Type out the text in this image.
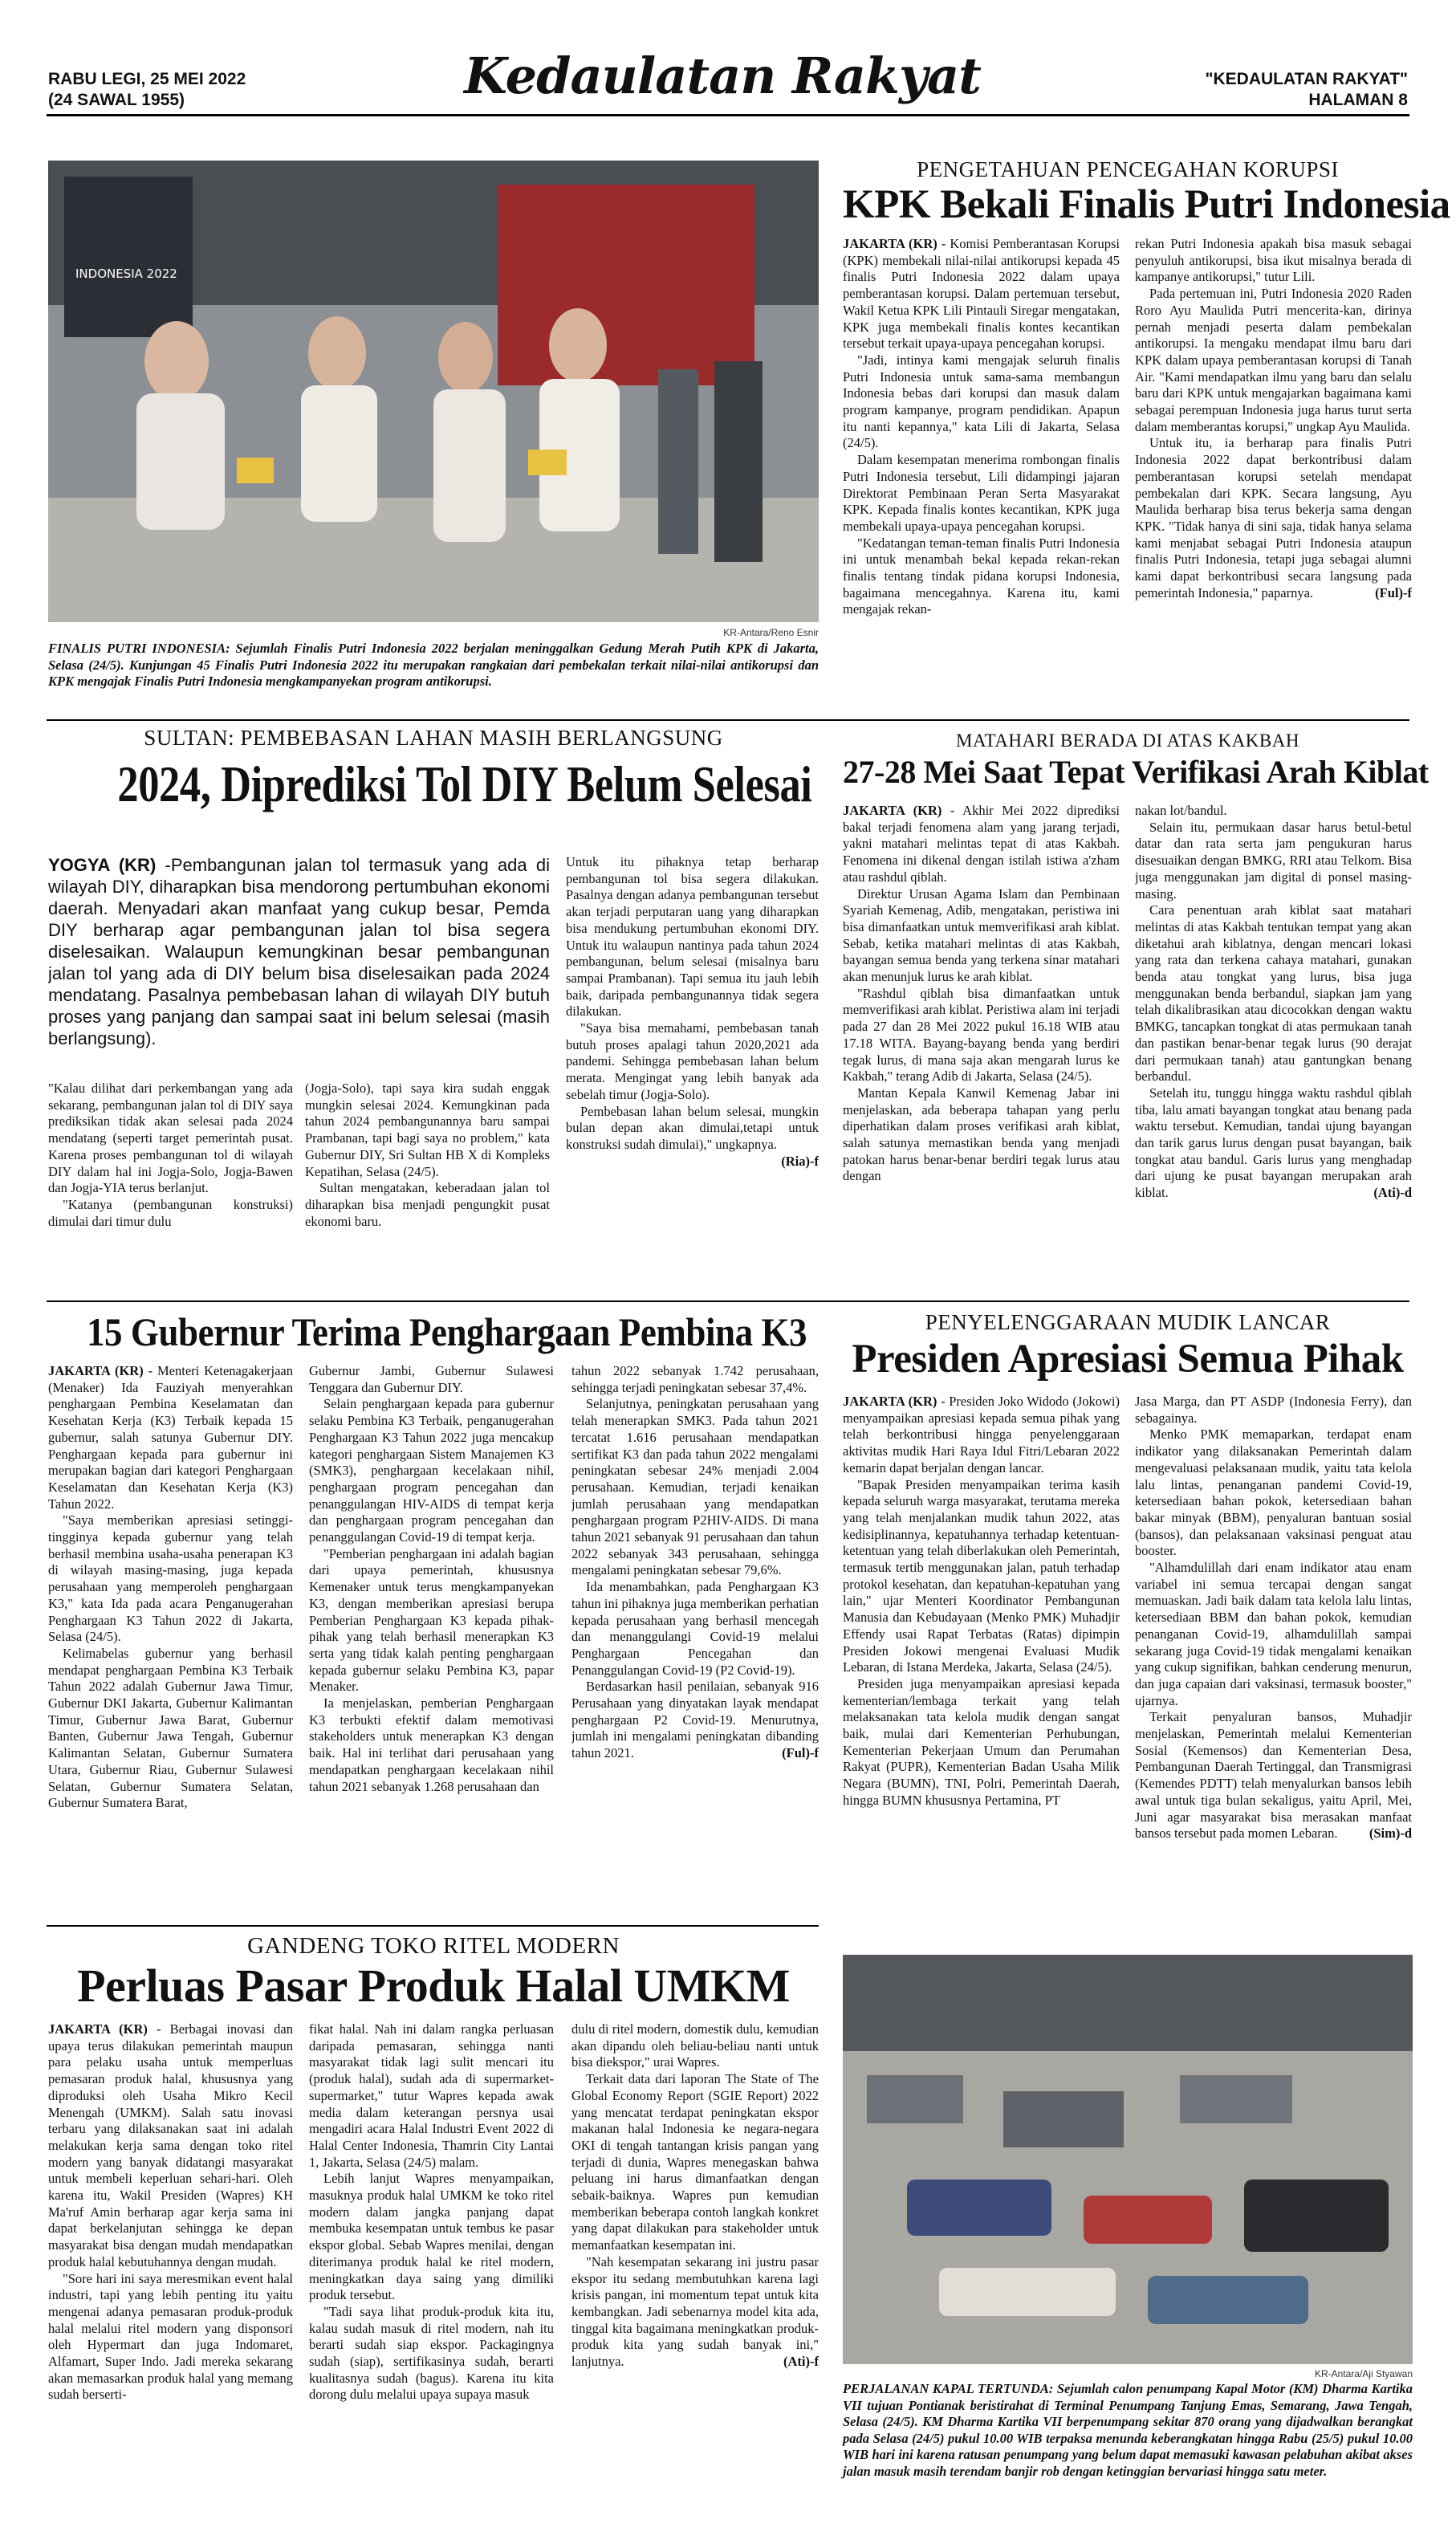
RABU LEGI, 25 MEI 2022
(24 SAWAL 1955)	Kedaulatan Rakyat	"KEDAULATAN RAKYAT"
HALAMAN 8
INDONESIA 2022
KR-Antara/Reno Esnir
FINALIS PUTRI INDONESIA: Sejumlah Finalis Putri Indonesia 2022 berjalan meninggalkan Gedung Merah Putih KPK di Jakarta, Selasa (24/5). Kunjungan 45 Finalis Putri Indonesia 2022 itu merupakan rangkaian dari pembekalan terkait nilai-nilai antikorupsi dan KPK mengajak Finalis Putri Indonesia mengkampanyekan program antikorupsi.
PENGETAHUAN PENCEGAHAN KORUPSI
KPK Bekali Finalis Putri Indonesia

JAKARTA (KR) - Komisi Pemberantasan Korupsi (KPK) membekali nilai-nilai antikorupsi kepada 45 finalis Putri Indonesia 2022 dalam upaya pemberantasan korupsi. Dalam pertemuan tersebut, Wakil Ketua KPK Lili Pintauli Siregar mengatakan, KPK juga membekali finalis kontes kecantikan tersebut terkait upaya-upaya pencegahan korupsi.

"Jadi, intinya kami mengajak seluruh finalis Putri Indonesia untuk sama-sama membangun Indonesia bebas dari korupsi dan masuk dalam program kampanye, program pendidikan. Apapun itu nanti kepannya," kata Lili di Jakarta, Selasa (24/5).

Dalam kesempatan menerima rombongan finalis Putri Indonesia tersebut, Lili didampingi jajaran Direktorat Pembinaan Peran Serta Masyarakat KPK. Kepada finalis kontes kecantikan, KPK juga membekali upaya-upaya pencegahan korupsi.

"Kedatangan teman-teman finalis Putri Indonesia ini untuk menambah bekal kepada rekan-rekan finalis tentang tindak pidana korupsi Indonesia, bagaimana mencegahnya. Karena itu, kami mengajak rekan-

rekan Putri Indonesia apakah bisa masuk sebagai penyuluh antikorupsi, bisa ikut misalnya berada di kampanye antikorupsi," tutur Lili.

Pada pertemuan ini, Putri Indonesia 2020 Raden Roro Ayu Maulida Putri mencerita-kan, dirinya pernah menjadi peserta dalam pembekalan antikorupsi. Ia mengaku mendapat ilmu baru dari KPK dalam upaya pemberantasan korupsi di Tanah Air. "Kami mendapatkan ilmu yang baru dan selalu baru dari KPK untuk mengajarkan bagaimana kami sebagai perempuan Indonesia juga harus turut serta dalam memberantas korupsi," ungkap Ayu Maulida.

Untuk itu, ia berharap para finalis Putri Indonesia 2022 dapat berkontribusi dalam pemberantasan korupsi setelah mendapat pembekalan dari KPK. Secara langsung, Ayu Maulida berharap bisa terus bekerja sama dengan KPK. "Tidak hanya di sini saja, tidak hanya selama kami menjabat sebagai Putri Indonesia ataupun finalis Putri Indonesia, tetapi juga sebagai alumni kami dapat berkontribusi secara langsung pada pemerintah Indonesia," paparnya.	(Ful)-f

SULTAN: PEMBEBASAN LAHAN MASIH BERLANGSUNG
2024, Diprediksi Tol DIY Belum Selesai
YOGYA (KR) -Pembangunan jalan tol termasuk yang ada di wilayah DIY, diharapkan bisa mendorong pertumbuhan ekonomi daerah. Menyadari akan manfaat yang cukup besar, Pemda DIY berharap agar pembangunan jalan tol bisa segera diselesaikan. Walaupun kemungkinan besar pembangunan jalan tol yang ada di DIY belum bisa diselesaikan pada 2024 mendatang. Pasalnya pembebasan lahan di wilayah DIY butuh proses yang panjang dan sampai saat ini belum selesai (masih berlangsung).

"Kalau dilihat dari perkembangan yang ada sekarang, pembangunan jalan tol di DIY saya prediksikan tidak akan selesai pada 2024 mendatang (seperti target pemerintah pusat. Karena proses pembangunan tol di wilayah DIY dalam hal ini Jogja-Solo, Jogja-Bawen dan Jogja-YIA terus berlanjut.

"Katanya (pembangunan konstruksi) dimulai dari timur dulu

(Jogja-Solo), tapi saya kira sudah enggak mungkin selesai 2024. Kemungkinan pada tahun 2024 pembangunannya baru sampai Prambanan, tapi bagi saya no problem," kata Gubernur DIY, Sri Sultan HB X di Kompleks Kepatihan, Selasa (24/5).

Sultan mengatakan, keberadaan jalan tol diharapkan bisa menjadi pengungkit pusat ekonomi baru.

Untuk itu pihaknya tetap berharap pembangunan tol bisa segera dilakukan. Pasalnya dengan adanya pembangunan tersebut akan terjadi perputaran uang yang diharapkan bisa mendukung pertumbuhan ekonomi DIY. Untuk itu walaupun nantinya pada tahun 2024 pembangunan, belum selesai (misalnya baru sampai Prambanan). Tapi semua itu jauh lebih baik, daripada pembangunannya tidak segera dilakukan.

"Saya bisa memahami, pembebasan tanah butuh proses apalagi tahun 2020,2021 ada pandemi. Sehingga pembebasan lahan belum merata. Mengingat yang lebih banyak ada sebelah timur (Jogja-Solo).

Pembebasan lahan belum selesai, mungkin bulan depan akan dimulai,tetapi untuk konstruksi sudah dimulai)," ungkapnya.
(Ria)-f

MATAHARI BERADA DI ATAS KAKBAH
27-28 Mei Saat Tepat Verifikasi Arah Kiblat

JAKARTA (KR) - Akhir Mei 2022 diprediksi bakal terjadi fenomena alam yang jarang terjadi, yakni matahari melintas tepat di atas Kakbah. Fenomena ini dikenal dengan istilah istiwa a'zham atau rashdul qiblah.

Direktur Urusan Agama Islam dan Pembinaan Syariah Kemenag, Adib, mengatakan, peristiwa ini bisa dimanfaatkan untuk memverifikasi arah kiblat. Sebab, ketika matahari melintas di atas Kakbah, bayangan semua benda yang terkena sinar matahari akan menunjuk lurus ke arah kiblat.

"Rashdul qiblah bisa dimanfaatkan untuk memverifikasi arah kiblat. Peristiwa alam ini terjadi pada 27 dan 28 Mei 2022 pukul 16.18 WIB atau 17.18 WITA. Bayang-bayang benda yang berdiri tegak lurus, di mana saja akan mengarah lurus ke Kakbah," terang Adib di Jakarta, Selasa (24/5).

Mantan Kepala Kanwil Kemenag Jabar ini menjelaskan, ada beberapa tahapan yang perlu diperhatikan dalam proses verifikasi arah kiblat, salah satunya memastikan benda yang menjadi patokan harus benar-benar berdiri tegak lurus atau dengan

nakan lot/bandul.

Selain itu, permukaan dasar harus betul-betul datar dan rata serta jam pengukuran harus disesuaikan dengan BMKG, RRI atau Telkom. Bisa juga menggunakan jam digital di ponsel masing-masing.

Cara penentuan arah kiblat saat matahari melintas di atas Kakbah tentukan tempat yang akan diketahui arah kiblatnya, dengan mencari lokasi yang rata dan terkena cahaya matahari, gunakan benda atau tongkat yang lurus, bisa juga menggunakan benda berbandul, siapkan jam yang telah dikalibrasikan atau dicocokkan dengan waktu BMKG, tancapkan tongkat di atas permukaan tanah dan pastikan benar-benar tegak lurus (90 derajat dari permukaan tanah) atau gantungkan benang berbandul.

Setelah itu, tunggu hingga waktu rashdul qiblah tiba, lalu amati bayangan tongkat atau benang pada waktu tersebut. Kemudian, tandai ujung bayangan dan tarik garus lurus dengan pusat bayangan, baik tongkat atau bandul. Garis lurus yang menghadap dari ujung ke pusat bayangan merupakan arah kiblat.	(Ati)-d

15 Gubernur Terima Penghargaan Pembina K3

JAKARTA (KR) - Menteri Ketenagakerjaan (Menaker) Ida Fauziyah menyerahkan penghargaan Pembina Keselamatan dan Kesehatan Kerja (K3) Terbaik kepada 15 gubernur, salah satunya Gubernur DIY. Penghargaan kepada para gubernur ini merupakan bagian dari kategori Penghargaan Keselamatan dan Kesehatan Kerja (K3) Tahun 2022.

"Saya memberikan apresiasi setinggi-tingginya kepada gubernur yang telah berhasil membina usaha-usaha penerapan K3 di wilayah masing-masing, juga kepada perusahaan yang memperoleh penghargaan K3," kata Ida pada acara Penganugerahan Penghargaan K3 Tahun 2022 di Jakarta, Selasa (24/5).

Kelimabelas gubernur yang berhasil mendapat penghargaan Pembina K3 Terbaik Tahun 2022 adalah Gubernur Jawa Timur, Gubernur DKI Jakarta, Gubernur Kalimantan Timur, Gubernur Jawa Barat, Gubernur Banten, Gubernur Jawa Tengah, Gubernur Kalimantan Selatan, Gubernur Sumatera Utara, Gubernur Riau, Gubernur Sulawesi Selatan, Gubernur Sumatera Selatan, Gubernur Sumatera Barat,

Gubernur Jambi, Gubernur Sulawesi Tenggara dan Gubernur DIY.

Selain penghargaan kepada para gubernur selaku Pembina K3 Terbaik, penganugerahan Penghargaan K3 Tahun 2022 juga mencakup kategori penghargaan Sistem Manajemen K3 (SMK3), penghargaan kecelakaan nihil, penghargaan program pencegahan dan penanggulangan HIV-AIDS di tempat kerja dan penghargaan program pencegahan dan penanggulangan Covid-19 di tempat kerja.

"Pemberian penghargaan ini adalah bagian dari upaya pemerintah, khususnya Kemenaker untuk terus mengkampanyekan K3, dengan memberikan apresiasi berupa Pemberian Penghargaan K3 kepada pihak-pihak yang telah berhasil menerapkan K3 serta yang tidak kalah penting penghargaan kepada gubernur selaku Pembina K3, papar Menaker.

Ia menjelaskan, pemberian Penghargaan K3 terbukti efektif dalam memotivasi stakeholders untuk menerapkan K3 dengan baik. Hal ini terlihat dari perusahaan yang mendapatkan penghargaan kecelakaan nihil tahun 2021 sebanyak 1.268 perusahaan dan

tahun 2022 sebanyak 1.742 perusahaan, sehingga terjadi peningkatan sebesar 37,4%.

Selanjutnya, peningkatan perusahaan yang telah menerapkan SMK3. Pada tahun 2021 tercatat 1.616 perusahaan mendapatkan sertifikat K3 dan pada tahun 2022 mengalami peningkatan sebesar 24% menjadi 2.004 perusahaan. Kemudian, terjadi kenaikan jumlah perusahaan yang mendapatkan penghargaan program P2HIV-AIDS. Di mana tahun 2021 sebanyak 91 perusahaan dan tahun 2022 sebanyak 343 perusahaan, sehingga mengalami peningkatan sebesar 79,6%.

Ida menambahkan, pada Penghargaan K3 tahun ini pihaknya juga memberikan perhatian kepada perusahaan yang berhasil mencegah dan menanggulangi Covid-19 melalui Penghargaan Pencegahan dan Penanggulangan Covid-19 (P2 Covid-19).

Berdasarkan hasil penilaian, sebanyak 916 Perusahaan yang dinyatakan layak mendapat penghargaan P2 Covid-19. Menurutnya, jumlah ini mengalami peningkatan dibanding tahun 2021.	(Ful)-f

PENYELENGGARAAN MUDIK LANCAR
Presiden Apresiasi Semua Pihak

JAKARTA (KR) - Presiden Joko Widodo (Jokowi) menyampaikan apresiasi kepada semua pihak yang telah berkontribusi hingga penyelenggaraan aktivitas mudik Hari Raya Idul Fitri/Lebaran 2022 kemarin dapat berjalan dengan lancar.

"Bapak Presiden menyampaikan terima kasih kepada seluruh warga masyarakat, terutama mereka yang telah menjalankan mudik tahun 2022, atas kedisiplinannya, kepatuhannya terhadap ketentuan-ketentuan yang telah diberlakukan oleh Pemerintah, termasuk tertib menggunakan jalan, patuh terhadap protokol kesehatan, dan kepatuhan-kepatuhan yang lain," ujar Menteri Koordinator Pembangunan Manusia dan Kebudayaan (Menko PMK) Muhadjir Effendy usai Rapat Terbatas (Ratas) dipimpin Presiden Jokowi mengenai Evaluasi Mudik Lebaran, di Istana Merdeka, Jakarta, Selasa (24/5).

Presiden juga menyampaikan apresiasi kepada kementerian/lembaga terkait yang telah melaksanakan tata kelola mudik dengan sangat baik, mulai dari Kementerian Perhubungan, Kementerian Pekerjaan Umum dan Perumahan Rakyat (PUPR), Kementerian Badan Usaha Milik Negara (BUMN), TNI, Polri, Pemerintah Daerah, hingga BUMN khususnya Pertamina, PT

Jasa Marga, dan PT ASDP (Indonesia Ferry), dan sebagainya.

Menko PMK memaparkan, terdapat enam indikator yang dilaksanakan Pemerintah dalam mengevaluasi pelaksanaan mudik, yaitu tata kelola lalu lintas, penanganan pandemi Covid-19, ketersediaan bahan pokok, ketersediaan bahan bakar minyak (BBM), penyaluran bantuan sosial (bansos), dan pelaksanaan vaksinasi penguat atau booster.

"Alhamdulillah dari enam indikator atau enam variabel ini semua tercapai dengan sangat memuaskan. Jadi baik dalam tata kelola lalu lintas, ketersediaan BBM dan bahan pokok, kemudian penanganan Covid-19, alhamdulillah sampai sekarang juga Covid-19 tidak mengalami kenaikan yang cukup signifikan, bahkan cenderung menurun, dan juga capaian dari vaksinasi, termasuk booster," ujarnya.

Terkait penyaluran bansos, Muhadjir menjelaskan, Pemerintah melalui Kementerian Sosial (Kemensos) dan Kementerian Desa, Pembangunan Daerah Tertinggal, dan Transmigrasi (Kemendes PDTT) telah menyalurkan bansos lebih awal untuk tiga bulan sekaligus, yaitu April, Mei, Juni agar masyarakat bisa merasakan manfaat bansos tersebut pada momen Lebaran.	(Sim)-d

GANDENG TOKO RITEL MODERN
Perluas Pasar Produk Halal UMKM

JAKARTA (KR) - Berbagai inovasi dan upaya terus dilakukan pemerintah maupun para pelaku usaha untuk memperluas pemasaran produk halal, khususnya yang diproduksi oleh Usaha Mikro Kecil Menengah (UMKM). Salah satu inovasi terbaru yang dilaksanakan saat ini adalah melakukan kerja sama dengan toko ritel modern yang banyak didatangi masyarakat untuk membeli keperluan sehari-hari. Oleh karena itu, Wakil Presiden (Wapres) KH Ma'ruf Amin berharap agar kerja sama ini dapat berkelanjutan sehingga ke depan masyarakat bisa dengan mudah mendapatkan produk halal kebutuhannya dengan mudah.

"Sore hari ini saya meresmikan event halal industri, tapi yang lebih penting itu yaitu mengenai adanya pemasaran produk-produk halal melalui ritel modern yang disponsori oleh Hypermart dan juga Indomaret, Alfamart, Super Indo. Jadi mereka sekarang akan memasarkan produk halal yang memang sudah berserti-

fikat halal. Nah ini dalam rangka perluasan daripada pemasaran, sehingga nanti masyarakat tidak lagi sulit mencari itu (produk halal), sudah ada di supermarket-supermarket," tutur Wapres kepada awak media dalam keterangan persnya usai mengadiri acara Halal Industri Event 2022 di Halal Center Indonesia, Thamrin City Lantai 1, Jakarta, Selasa (24/5) malam.

Lebih lanjut Wapres menyampaikan, masuknya produk halal UMKM ke toko ritel modern dalam jangka panjang dapat membuka kesempatan untuk tembus ke pasar ekspor global. Sebab Wapres menilai, dengan diterimanya produk halal ke ritel modern, meningkatkan daya saing yang dimiliki produk tersebut.

"Tadi saya lihat produk-produk kita itu, kalau sudah masuk di ritel modern, nah itu berarti sudah siap ekspor. Packagingnya sudah (siap), sertifikasinya sudah, berarti kualitasnya sudah (bagus). Karena itu kita dorong dulu melalui upaya supaya masuk

dulu di ritel modern, domestik dulu, kemudian akan dipandu oleh beliau-beliau nanti untuk bisa diekspor," urai Wapres.

Terkait data dari laporan The State of The Global Economy Report (SGIE Report) 2022 yang mencatat terdapat peningkatan ekspor makanan halal Indonesia ke negara-negara OKI di tengah tantangan krisis pangan yang terjadi di dunia, Wapres menegaskan bahwa peluang ini harus dimanfaatkan dengan sebaik-baiknya. Wapres pun kemudian memberikan beberapa contoh langkah konkret yang dapat dilakukan para stakeholder untuk memanfaatkan kesempatan ini.

"Nah kesempatan sekarang ini justru pasar ekspor itu sedang membutuhkan karena lagi krisis pangan, ini momentum tepat untuk kita kembangkan. Jadi sebenarnya model kita ada, tinggal kita bagaimana meningkatkan produk-produk kita yang sudah banyak ini," lanjutnya.	(Ati)-f

KR-Antara/Aji Styawan
PERJALANAN KAPAL TERTUNDA: Sejumlah calon penumpang Kapal Motor (KM) Dharma Kartika VII tujuan Pontianak beristirahat di Terminal Penumpang Tanjung Emas, Semarang, Jawa Tengah, Selasa (24/5). KM Dharma Kartika VII berpenumpang sekitar 870 orang yang dijadwalkan berangkat pada Selasa (24/5) pukul 10.00 WIB terpaksa menunda keberangkatan hingga Rabu (25/5) pukul 10.00 WIB hari ini karena ratusan penumpang yang belum dapat memasuki kawasan pelabuhan akibat akses jalan masuk masih terendam banjir rob dengan ketinggian bervariasi hingga satu meter.
